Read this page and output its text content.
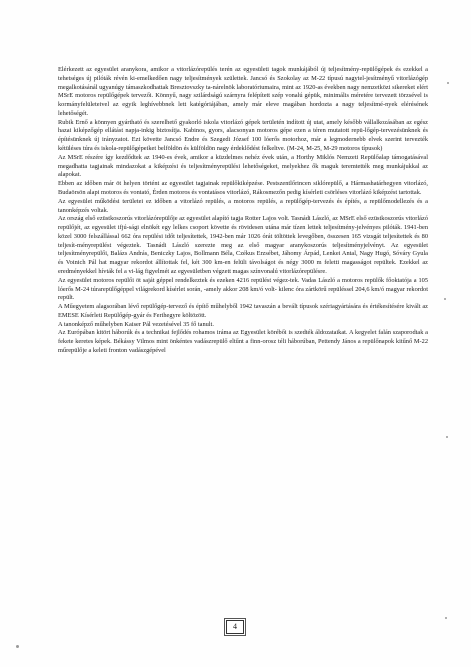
Elérkezett az egyesület aranykora, amikor a vitorlázórepülés terén az egyesületi tagok munkájából új teljesítmény-repülőgépek és ezekkel a tehetséges új pilóták révén ki-emelkedően nagy teljesítmények születtek. Jancsó és Szokolay az M-22 típusú nagytel-jesítményű vitorlázógép megalkotásánál ugyanúgy támaszkodhattak Bresztovszky ta-nárelnök laboratóriumaira, mint az 1920-as években nagy nemzetközi sikereket elért MSrE motoros repülőgépek tervezői. Könnyű, nagy szilárdságú szárnyra felépített szép vonalú gépük, minimális méretére tervezett törzsével is kormányfelületeivel az egyik leghívebbnek lett katégóriájában, amely már eleve magában hordozta a nagy teljesítmé-nyek elérésének lehetőségét.

Rubik Ernő a könnyen gyártható és szerelhető gyakorló iskola vitorlázó gépek területén indított új utat, amely később vállalkozásában az egész hazai kiképzőgép ellátást napja-inkig biztosítja. Kabinos, gyors, alacsonyan motoros gépe ezen a téren mutatott repü-lőgép-tervezésünknek és építésünknek új irányzatot. Ezt követte Jancsó Endre és Szegedi József 100 lóerős motorhoz, már a legmodernebb elvek szerint tervezték kétüléses túra és iskola-repülőgépeiket belföldön és külföldön nagy érdeklődést felkeltve. (M-24, M-25, M-29 motoros típusok)

Az MSrE részére így kezdődtek az 1940-es évek, amikor a küzdelmes nehéz évek után, a Horthy Miklós Nemzeti Repülőalap támogatásával megadhatta tagjainak mindazokat a kiképzési és teljesítményrepülési lehetőségeket, melyekhez ők maguk teremtették meg munkájukkal az alapokat.

Ebben az időben már öt helyen történt az egyesület tagjainak repülőkiképzése. Pestszentlőrincen siklórepülő, a Hármashatárhegyen vitorlázó, Budaörsön alapi motoros és vontató, Érden motoros és vontatásos vitorlázó, Rákosmezőn pedig kísérleti csörléses vitorlázó kiképzést tartottak.

Az egyesület működési területei ez időben a vitorlázó repülés, a motoros repülés, a repülőgép-tervezés és építés, a repülőmodellezés és a tanonképzés voltak.

Az ország első ezüstkoszorús vitorlázórepülője az egyesület alapító tagja Rotter Lajos volt. Tasnádi László, az MSrE első ezüstkoszorús vitorlázó repülőjét, az egyesület ifjú-sági elnökét egy lelkes csoport követte és rövidesen utána már tízen lettek teljesítmény-jelvényes pilóták. 1941-ben közel 3000 felszállással 662 óra repülési időt teljesítettek, 1942-ben már 1026 órát töltöttek levegőben, összesen 165 vizsgát teljesítettek és 80 teljesít-ményrepülést végeztek. Tasnádi László szerezte meg az első magyar aranykoszorús teljesítményjelvényt. Az egyesület teljesítményrepülői, Balázs András, Beniczky Lajos, Bollmann Béla, Czékus Erzsébet, Jáhomy Árpád, Lenkei Antal, Nagy Hugó, Sóváry Gyula és Voinich Pál hat magyar rekordot állítottak fel, két 300 km-en felüli távolságot és négy 3000 m feletti magasságot repültek. Ezekkel az eredményekkel hívták fel a vi-lág figyelmét az egyesületben végzett magas színvonalú vitorlázórepülésre.

Az egyesület motoros repülői öt saját géppel rendelkeztek és ezeken 4216 repülést végez-tek. Vadas László a motoros repülők főoktatója a 105 lóerős M-24 túrarepülőgéppel világrekord kísérlet során, -amely akkor 208 km/ó volt- kilenc óra zártkörű repüléssel 204,6 km/ó magyar rekordot repült.

A Műegyetem alagsorában lévő repülőgép-tervező és építő műhelyből 1942 tavaszán a bevált típusok szériagyártására és értékesítésére kivált az EMESE Kísérleti Repülőgép-gyár és Ferihegyre költözött.

A tanonképző műhelyben Kaiser Pál vezetésével 35 fő tanult.

Az Európában kitört háborúk és a technikai fejlődés rohamos iráma az Egyesület körébői is szedték áldozataikat. A kegyelet falán szaporodtak a fekete keretes képek. Békássy Vilmos mint önkéntes vadászrepülő eltűnt a finn-orosz téli háborúban, Pettendy János a repülőnapok kitűnő M-22 műrepülője a keleti fronton vadászgépével

4
